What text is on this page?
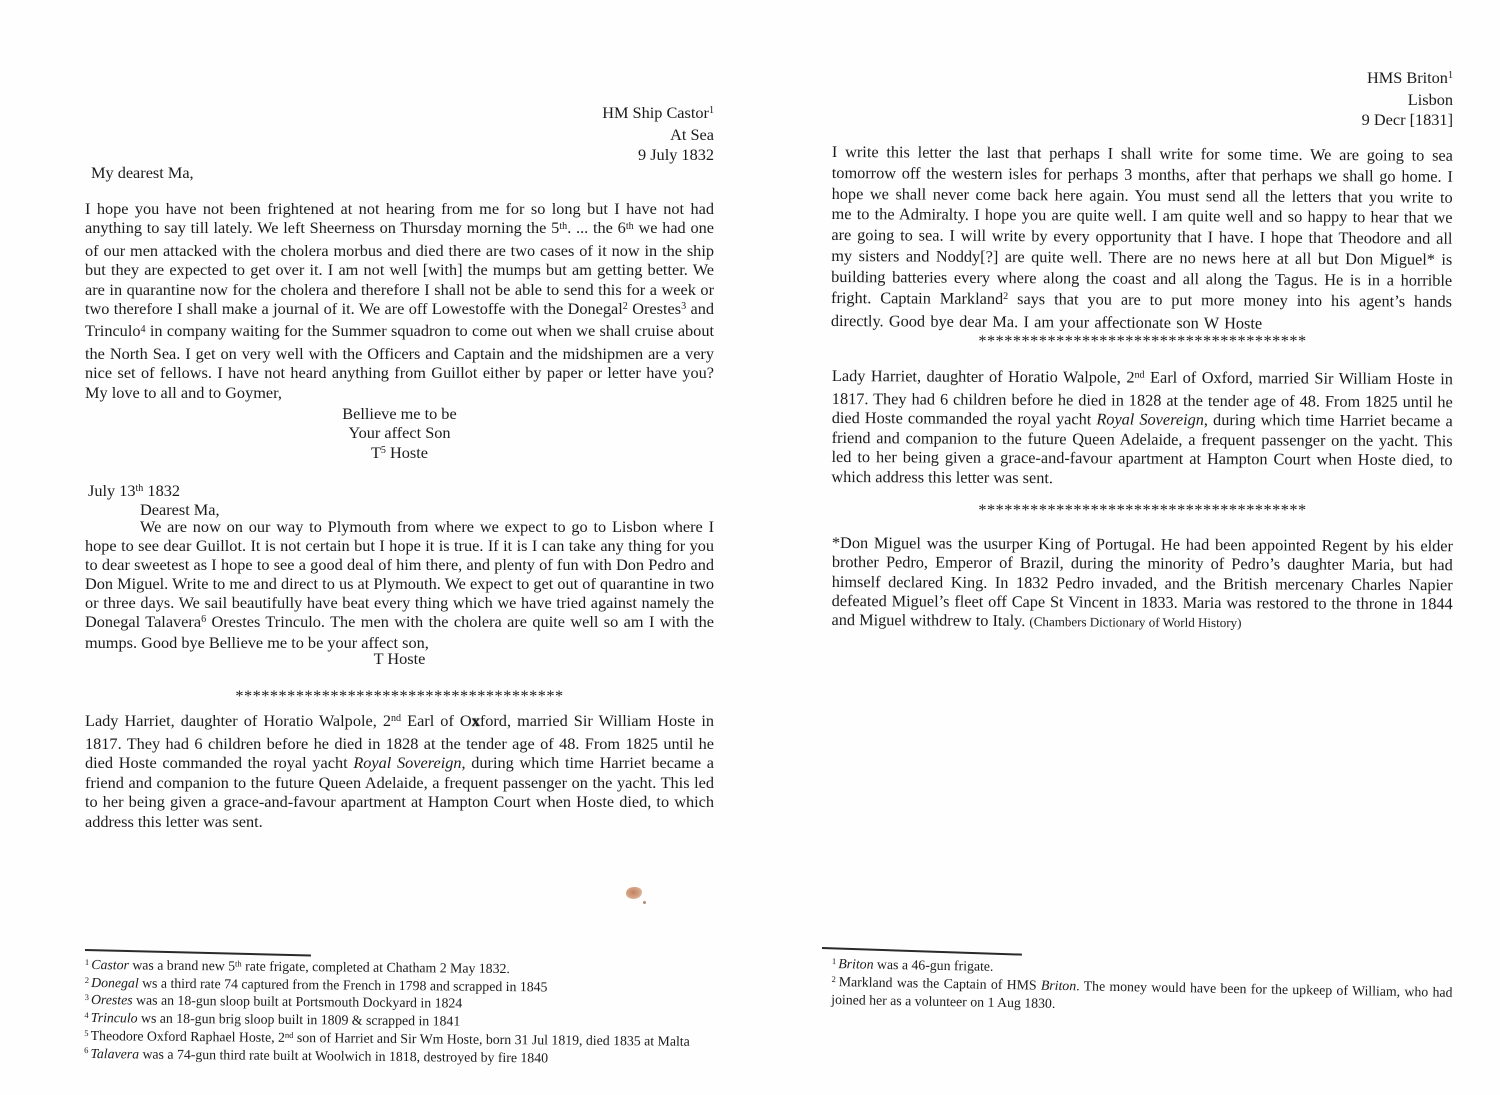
HM Ship Castor$^1$
At Sea
9 July 1832
My dearest Ma,

I hope you have not been frightened at not hearing from me for so long but I have not had anything to say till lately. We left Sheerness on Thursday morning the 5th. ... the 6th we had one of our men attacked with the cholera morbus and died there are two cases of it now in the ship but they are expected to get over it. I am not well [with] the mumps but am getting better. We are in quarantine now for the cholera and therefore I shall not be able to send this for a week or two therefore I shall make a journal of it. We are off Lowestoffe with the Donegal$^2$ Orestes$^3$ and Trinculo$^4$ in company waiting for the Summer squadron to come out when we shall cruise about the North Sea. I get on very well with the Officers and Captain and the midshipmen are a very nice set of fellows. I have not heard anything from Guillot either by paper or letter have you? My love to all and to Goymer,

Bellieve me to be
Your affect Son
$T^5$ Hoste
July 13th 1832
Dearest Ma,

We are now on our way to Plymouth from where we expect to go to Lisbon where I hope to see dear Guillot. It is not certain but I hope it is true. If it is I can take any thing for you to dear sweetest as I hope to see a good deal of him there, and plenty of fun with Don Pedro and Don Miguel. Write to me and direct to us at Plymouth. We expect to get out of quarantine in two or three days. We sail beautifully have beat every thing which we have tried against namely the Donegal Talavera$^6$ Orestes Trinculo. The men with the cholera are quite well so am I with the mumps. Good bye Bellieve me to be your affect son,

T Hoste
**************************************

Lady Harriet, daughter of Horatio Walpole, 2nd Earl of Oxford, married Sir William Hoste in 1817. They had 6 children before he died in 1828 at the tender age of 48. From 1825 until he died Hoste commanded the royal yacht Royal Sovereign, during which time Harriet became a friend and companion to the future Queen Adelaide, a frequent passenger on the yacht. This led to her being given a grace-and-favour apartment at Hampton Court when Hoste died, to which address this letter was sent.

$^1$ Castor was a brand new 5th rate frigate, completed at Chatham 2 May 1832.
$^2$ Donegal ws a third rate 74 captured from the French in 1798 and scrapped in 1845
$^3$ Orestes was an 18-gun sloop built at Portsmouth Dockyard in 1824
$^4$ Trinculo ws an 18-gun brig sloop built in 1809 & scrapped in 1841
$^5$ Theodore Oxford Raphael Hoste, 2nd son of Harriet and Sir Wm Hoste, born 31 Jul 1819, died 1835 at Malta
$^6$ Talavera was a 74-gun third rate built at Woolwich in 1818, destroyed by fire 1840
HMS Briton$^1$
Lisbon
9 Decr [1831]

I write this letter the last that perhaps I shall write for some time. We are going to sea tomorrow off the western isles for perhaps 3 months, after that perhaps we shall go home. I hope we shall never come back here again. You must send all the letters that you write to me to the Admiralty. I hope you are quite well. I am quite well and so happy to hear that we are going to sea. I will write by every opportunity that I have. I hope that Theodore and all my sisters and Noddy[?] are quite well. There are no news here at all but Don Miguel* is building batteries every where along the coast and all along the Tagus. He is in a horrible fright. Captain Markland$^2$ says that you are to put more money into his agent’s hands directly. Good bye dear Ma. I am your affectionate son W Hoste

**************************************

Lady Harriet, daughter of Horatio Walpole, 2nd Earl of Oxford, married Sir William Hoste in 1817. They had 6 children before he died in 1828 at the tender age of 48. From 1825 until he died Hoste commanded the royal yacht Royal Sovereign, during which time Harriet became a friend and companion to the future Queen Adelaide, a frequent passenger on the yacht. This led to her being given a grace-and-favour apartment at Hampton Court when Hoste died, to which address this letter was sent.

**************************************

*Don Miguel was the usurper King of Portugal. He had been appointed Regent by his elder brother Pedro, Emperor of Brazil, during the minority of Pedro’s daughter Maria, but had himself declared King. In 1832 Pedro invaded, and the British mercenary Charles Napier defeated Miguel’s fleet off Cape St Vincent in 1833. Maria was restored to the throne in 1844 and Miguel withdrew to Italy. (Chambers Dictionary of World History)

$^1$ Briton was a 46-gun frigate.
$^2$ Markland was the Captain of HMS Briton. The money would have been for the upkeep of William, who had joined her as a volunteer on 1 Aug 1830.
